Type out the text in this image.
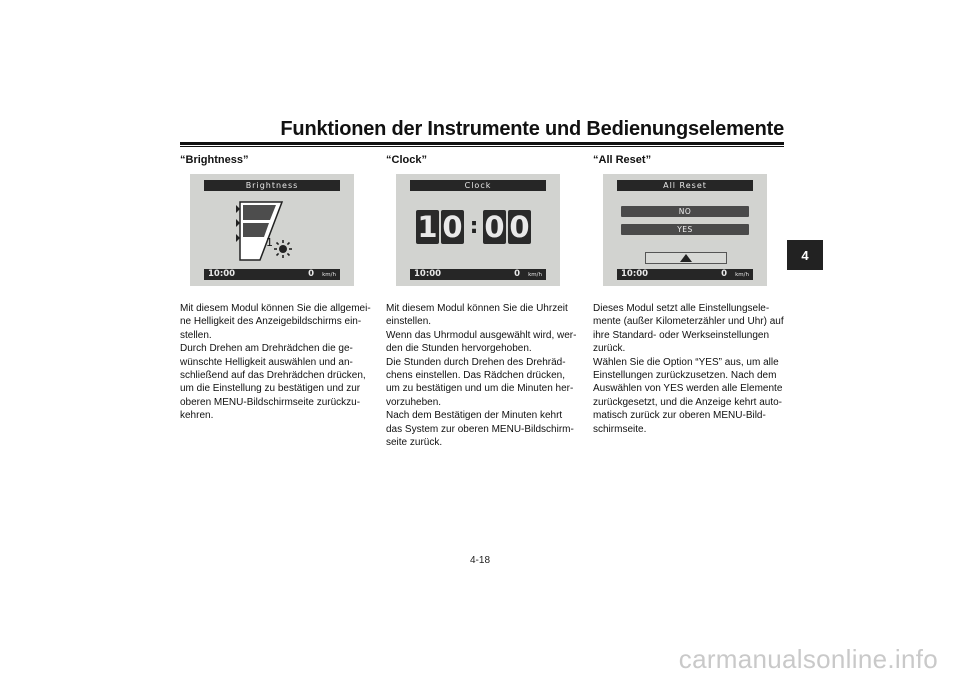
Funktionen der Instrumente und Bedienungselemente
4
“Brightness”
Brightness
1
10:00	0 km/h
Mit diesem Modul können Sie die allgemei-
ne Helligkeit des Anzeigebildschirms ein-
stellen.
Durch Drehen am Drehrädchen die ge-
wünschte Helligkeit auswählen und an-
schließend auf das Drehrädchen drücken,
um die Einstellung zu bestätigen und zur
oberen MENU-Bildschirmseite zurückzu-
kehren.
“Clock”
Clock
1 0 : 0 0
10:00	0 km/h
Mit diesem Modul können Sie die Uhrzeit
einstellen.
Wenn das Uhrmodul ausgewählt wird, wer-
den die Stunden hervorgehoben.
Die Stunden durch Drehen des Drehräd-
chens einstellen. Das Rädchen drücken,
um zu bestätigen und um die Minuten her-
vorzuheben.
Nach dem Bestätigen der Minuten kehrt
das System zur oberen MENU-Bildschirm-
seite zurück.
“All Reset”
All Reset
NO
YES
10:00	0 km/h
Dieses Modul setzt alle Einstellungsele-
mente (außer Kilometerzähler und Uhr) auf
ihre Standard- oder Werkseinstellungen
zurück.
Wählen Sie die Option “YES” aus, um alle
Einstellungen zurückzusetzen. Nach dem
Auswählen von YES werden alle Elemente
zurückgesetzt, und die Anzeige kehrt auto-
matisch zurück zur oberen MENU-Bild-
schirmseite.
4-18
carmanualsonline.info
